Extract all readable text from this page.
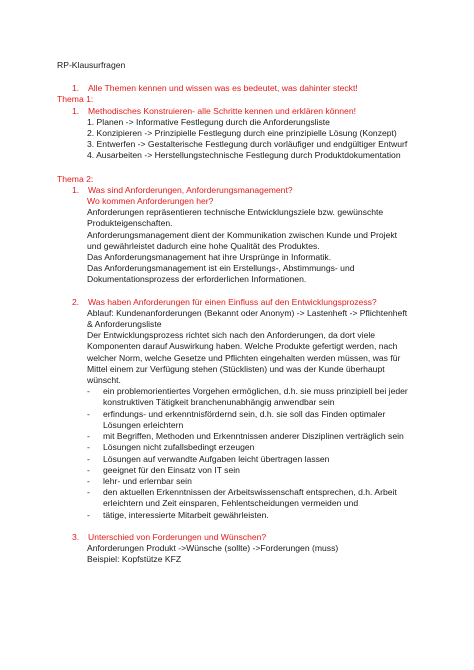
RP-Klausurfragen
1. Alle Themen kennen und wissen was es bedeutet, was dahinter steckt!
Thema 1:
1. Methodisches Konstruieren- alle Schritte kennen und erklären können!
1. Planen -> Informative Festlegung durch die Anforderungsliste
2. Konzipieren -> Prinzipielle Festlegung durch eine prinzipielle Lösung (Konzept)
3. Entwerfen -> Gestalterische Festlegung durch vorläufiger und endgültiger Entwurf
4. Ausarbeiten -> Herstellungstechnische Festlegung durch Produktdokumentation
Thema 2:
1. Was sind Anforderungen, Anforderungsmanagement?
Wo kommen Anforderungen her?
Anforderungen repräsentieren technische Entwicklungsziele bzw. gewünschte
Produkteigenschaften.
Anforderungsmanagement dient der Kommunikation zwischen Kunde und Projekt
und gewährleistet dadurch eine hohe Qualität des Produktes.
Das Anforderungsmanagement hat ihre Ursprünge in Informatik.
Das Anforderungsmanagement ist ein Erstellungs-, Abstimmungs- und
Dokumentationsprozess der erforderlichen Informationen.
2. Was haben Anforderungen für einen Einfluss auf den Entwicklungsprozess?
Ablauf: Kundenanforderungen (Bekannt oder Anonym) -> Lastenheft -> Pflichtenheft
& Anforderungsliste
Der Entwicklungsprozess richtet sich nach den Anforderungen, da dort viele
Komponenten darauf Auswirkung haben. Welche Produkte gefertigt werden, nach
welcher Norm, welche Gesetze und Pflichten eingehalten werden müssen, was für
Mittel einem zur Verfügung stehen (Stücklisten) und was der Kunde überhaupt
wünscht.
-	ein problemorientiertes Vorgehen ermöglichen, d.h. sie muss prinzipiell bei jeder
konstruktiven Tätigkeit branchenunabhängig anwendbar sein
-	erfindungs- und erkenntnisfördernd sein, d.h. sie soll das Finden optimaler
Lösungen erleichtern
-	mit Begriffen, Methoden und Erkenntnissen anderer Disziplinen verträglich sein
-	Lösungen nicht zufallsbedingt erzeugen
-	Lösungen auf verwandte Aufgaben leicht übertragen lassen
-	geeignet für den Einsatz von IT sein
-	lehr- und erlernbar sein
-	den aktuellen Erkenntnissen der Arbeitswissenschaft entsprechen, d.h. Arbeit
erleichtern und Zeit einsparen, Fehlentscheidungen vermeiden und
-	tätige, interessierte Mitarbeit gewährleisten.
3. Unterschied von Forderungen und Wünschen?
Anforderungen Produkt ->Wünsche (sollte) ->Forderungen (muss)
Beispiel: Kopfstütze KFZ
